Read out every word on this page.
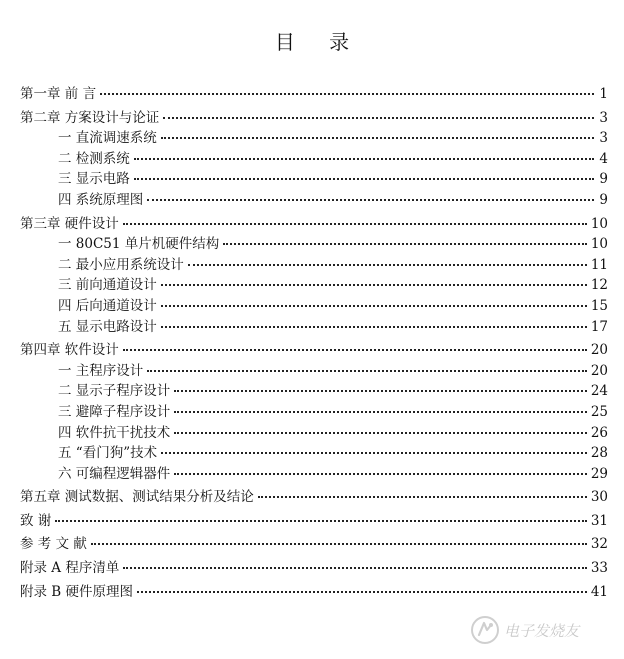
目 录
第一章 前 言	1
第二章 方案设计与论证	3
一 直流调速系统	3
二 检测系统	4
三 显示电路	9
四 系统原理图	9
第三章 硬件设计	10
一 80C51 单片机硬件结构	10
二 最小应用系统设计	11
三 前向通道设计	12
四 后向通道设计	15
五 显示电路设计	17
第四章 软件设计	20
一 主程序设计	20
二 显示子程序设计	24
三 避障子程序设计	25
四 软件抗干扰技术	26
五 “看门狗”技术	28
六 可编程逻辑器件	29
第五章 测试数据、测试结果分析及结论	30
致 谢	31
参 考 文 献	32
附录 A 程序清单	33
附录 B 硬件原理图	41
电子发烧友
